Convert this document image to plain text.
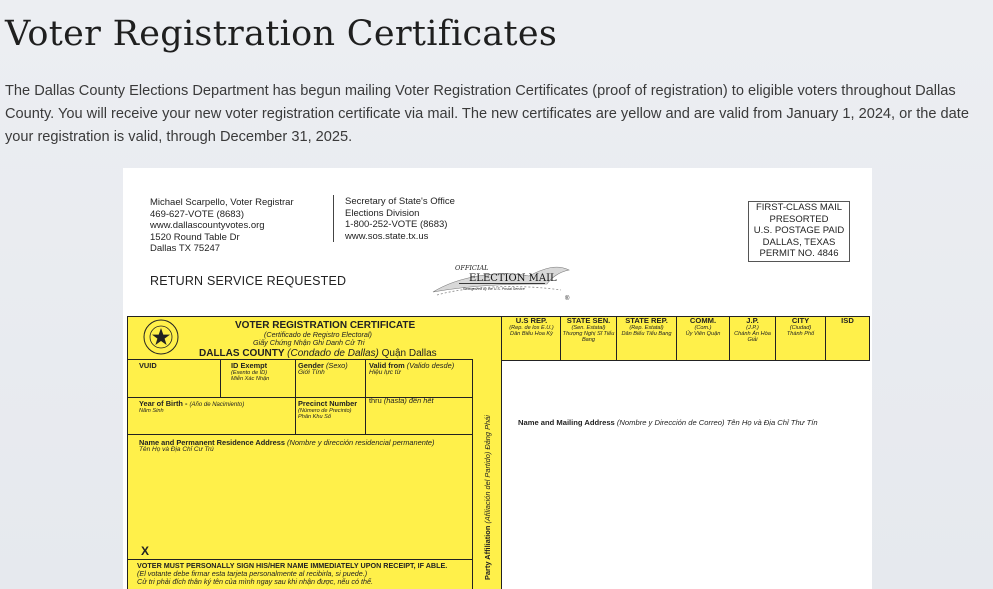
Voter Registration Certificates

The Dallas County Elections Department has begun mailing Voter Registration Certificates (proof of registration) to eligible voters throughout Dallas County. You will receive your new voter registration certificate via mail. The new certificates are yellow and are valid from January 1, 2024, or the date your registration is valid, through December 31, 2025.

Michael Scarpello, Voter Registrar
469-627-VOTE (8683)
www.dallascountyvotes.org
1520 Round Table Dr
Dallas TX 75247
Secretary of State's Office
Elections Division
1-800-252-VOTE (8683)
www.sos.state.tx.us
FIRST-CLASS MAIL
PRESORTED
U.S. POSTAGE PAID
DALLAS, TEXAS
PERMIT NO. 4846
RETURN SERVICE REQUESTED
OFFICIAL
ELECTION MAIL
Recognized by the U.S. Postal Service
®
VOTER REGISTRATION CERTIFICATE
(Certificado de Registro Electoral)
Giấy Chứng Nhận Ghi Danh Cử Tri
DALLAS COUNTY (Condado de Dallas) Quận Dallas
VUID	ID Exempt
(Exento de ID)
Miễn Xác Nhận
Gender (Sexo)
Giới Tính
Valid from (Valido desde)
Hiệu lực từ
Year of Birth - (Año de Nacimiento)
Năm Sinh
Precinct Number
(Número de Precinto)
Phân Khu Số
thru (hasta) đến hết
Name and Permanent Residence Address (Nombre y dirección residencial permanente)
Tên Họ và Địa Chỉ Cư Trú
X
VOTER MUST PERSONALLY SIGN HIS/HER NAME IMMEDIATELY UPON RECEIPT, IF ABLE.
(El votante debe firmar esta tarjeta personalmente al recibirla, si puede.)
Cử tri phải đích thân ký tên của mình ngay sau khi nhận được, nếu có thể.
Party Affiliation (Afiliación del Partido) Đảng Phái
U.S REP.
(Rep. de los E.U.)
Dân Biểu Hoa Kỳ
STATE SEN.
(Sen. Estatal)
Thượng Nghị Sĩ Tiểu Bang
STATE REP.
(Rep. Estatal)
Dân Biểu Tiểu Bang
COMM.
(Com.)
Ủy Viên Quận
J.P.
(J.P.)
Chánh Án Hòa Giải
CITY
(Ciudad)
Thành Phố
ISD
Name and Mailing Address (Nombre y Dirección de Correo) Tên Họ và Địa Chỉ Thư Tín
